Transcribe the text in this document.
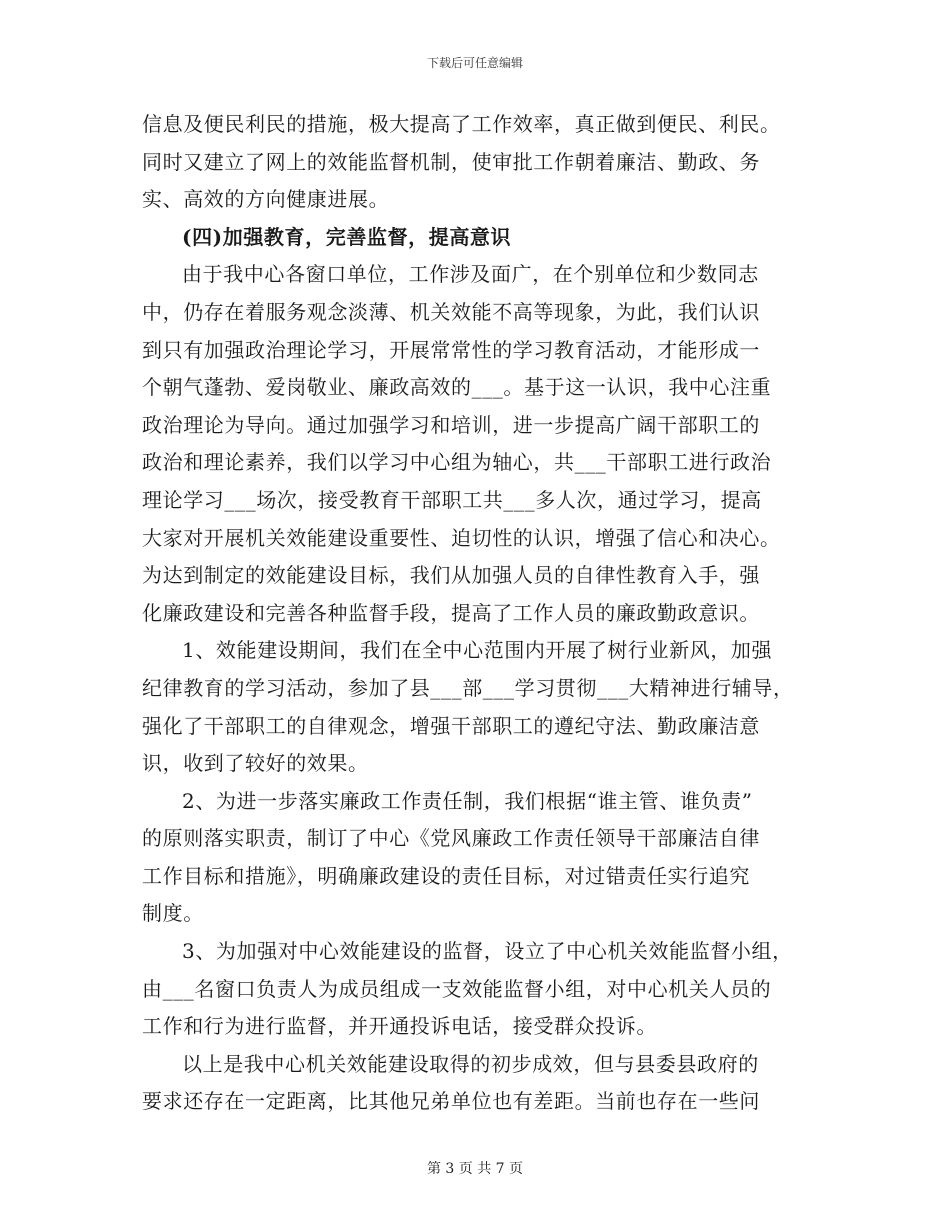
下载后可任意编辑
信息及便民利民的措施，极大提高了工作效率，真正做到便民、利民。
同时又建立了网上的效能监督机制，使审批工作朝着廉洁、勤政、务
实、高效的方向健康进展。
(四)加强教育，完善监督，提高意识
由于我中心各窗口单位，工作涉及面广，在个别单位和少数同志
中，仍存在着服务观念淡薄、机关效能不高等现象，为此，我们认识
到只有加强政治理论学习，开展常常性的学习教育活动，才能形成一
个朝气蓬勃、爱岗敬业、廉政高效的___。基于这一认识，我中心注重
政治理论为导向。通过加强学习和培训，进一步提高广阔干部职工的
政治和理论素养，我们以学习中心组为轴心，共___干部职工进行政治
理论学习___场次，接受教育干部职工共___多人次，通过学习，提高
大家对开展机关效能建设重要性、迫切性的认识，增强了信心和决心。
为达到制定的效能建设目标，我们从加强人员的自律性教育入手，强
化廉政建设和完善各种监督手段，提高了工作人员的廉政勤政意识。
1、效能建设期间，我们在全中心范围内开展了树行业新风，加强
纪律教育的学习活动，参加了县___部___学习贯彻___大精神进行辅导，
强化了干部职工的自律观念，增强干部职工的遵纪守法、勤政廉洁意
识，收到了较好的效果。
2、为进一步落实廉政工作责任制，我们根据“谁主管、谁负责”
的原则落实职责，制订了中心《党风廉政工作责任领导干部廉洁自律
工作目标和措施》，明确廉政建设的责任目标，对过错责任实行追究
制度。
3、为加强对中心效能建设的监督，设立了中心机关效能监督小组，
由___名窗口负责人为成员组成一支效能监督小组，对中心机关人员的
工作和行为进行监督，并开通投诉电话，接受群众投诉。
以上是我中心机关效能建设取得的初步成效，但与县委县政府的
要求还存在一定距离，比其他兄弟单位也有差距。当前也存在一些问
第 3 页 共 7 页
